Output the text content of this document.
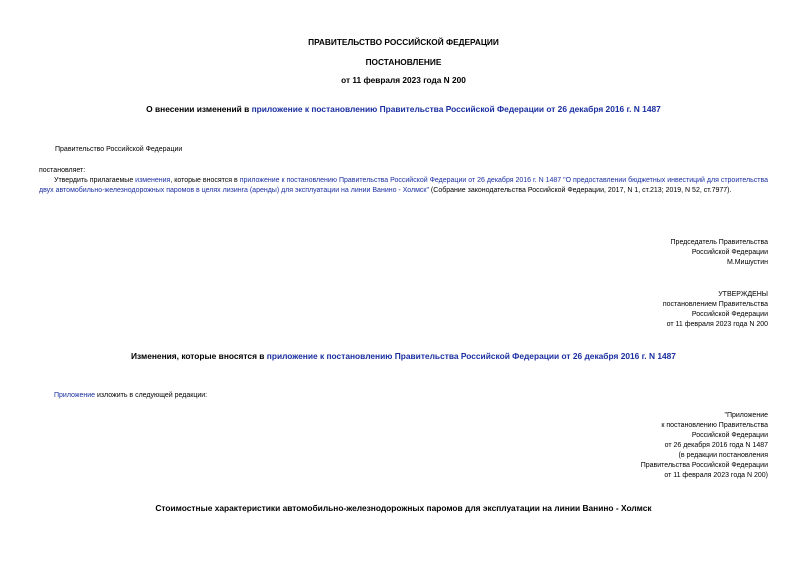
ПРАВИТЕЛЬСТВО РОССИЙСКОЙ ФЕДЕРАЦИИ
ПОСТАНОВЛЕНИЕ
от 11 февраля 2023 года N 200
О внесении изменений в приложение к постановлению Правительства Российской Федерации от 26 декабря 2016 г. N 1487
Правительство Российской Федерации
постановляет:
Утвердить прилагаемые изменения, которые вносятся в приложение к постановлению Правительства Российской Федерации от 26 декабря 2016 г. N 1487 "О предоставлении бюджетных инвестиций для строительства двух автомобильно-железнодорожных паромов в целях лизинга (аренды) для эксплуатации на линии Ванино - Холмск" (Собрание законодательства Российской Федерации, 2017, N 1, ст.213; 2019, N 52, ст.7977).
Председатель Правительства
Российской Федерации
М.Мишустин
УТВЕРЖДЕНЫ
постановлением Правительства
Российской Федерации
от 11 февраля 2023 года N 200
Изменения, которые вносятся в приложение к постановлению Правительства Российской Федерации от 26 декабря 2016 г. N 1487
Приложение изложить в следующей редакции:
"Приложение
к постановлению Правительства
Российской Федерации
от 26 декабря 2016 года N 1487
(в редакции постановления
Правительства Российской Федерации
от 11 февраля 2023 года N 200)
Стоимостные характеристики автомобильно-железнодорожных паромов для эксплуатации на линии Ванино - Холмск
